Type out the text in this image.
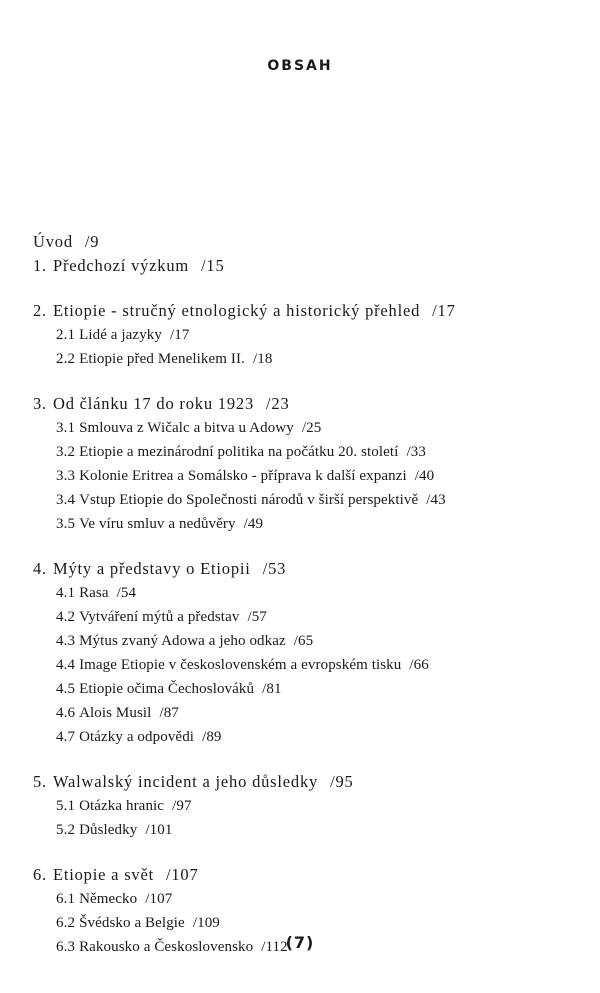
OBSAH
Úvod /9
1. Předchozí výzkum /15
2. Etiopie - stručný etnologický a historický přehled /17
2.1 Lidé a jazyky /17
2.2 Etiopie před Menelikem II. /18
3. Od článku 17 do roku 1923 /23
3.1 Smlouva z Wičalc a bitva u Adowy /25
3.2 Etiopie a mezinárodní politika na počátku 20. století /33
3.3 Kolonie Eritrea a Somálsko - příprava k další expanzi /40
3.4 Vstup Etiopie do Společnosti národů v širší perspektivě /43
3.5 Ve víru smluv a nedůvěry /49
4. Mýty a představy o Etiopii /53
4.1 Rasa /54
4.2 Vytváření mýtů a představ /57
4.3 Mýtus zvaný Adowa a jeho odkaz /65
4.4 Image Etiopie v československém a evropském tisku /66
4.5 Etiopie očima Čechoslováků /81
4.6 Alois Musil /87
4.7 Otázky a odpovědi /89
5. Walwalský incident a jeho důsledky /95
5.1 Otázka hranic /97
5.2 Důsledky /101
6. Etiopie a svět /107
6.1 Německo /107
6.2 Švédsko a Belgie /109
6.3 Rakousko a Československo /112
(7)
